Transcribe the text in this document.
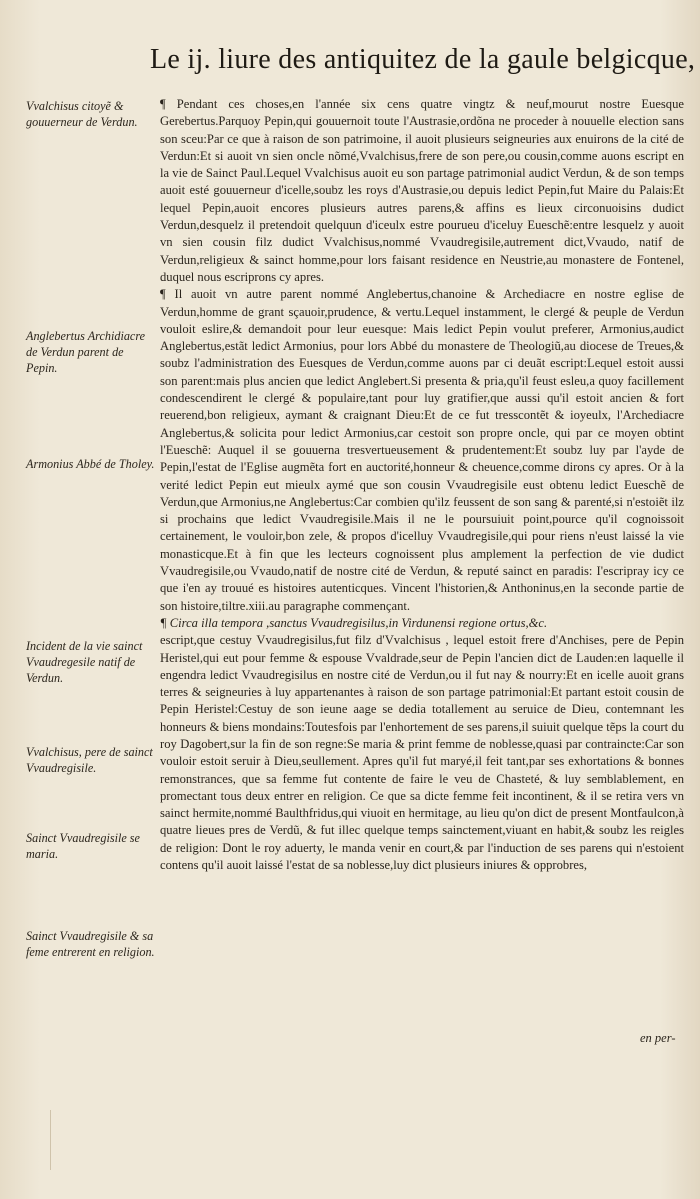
Le ij. liure des antiquitez de la gaule belgicque,
Vvalchisus citoyẽ & gouuerneur de Verdun.
Anglebertus Archidiacre de Verdun parent de Pepin.
Armonius Abbé de Tholey.
Incident de la vie sainct Vvaudregesile natif de Verdun.
Vvalchisus, pere de sainct Vvaudregisile.
Sainct Vvaudregisile se maria.
Sainct Vvaudregisile & sa feme entrerent en religion.

¶ Pendant ces choses,en l'année six cens quatre vingtz & neuf,mourut nostre Euesque Gerebertus.Parquoy Pepin,qui gouuernoit toute l'Austrasie,ordõna ne proceder à nouuelle election sans son sceu:Par ce que à raison de son patrimoine, il auoit plusieurs seigneuries aux enuirons de la cité de Verdun:Et si auoit vn sien oncle nõmé,Vvalchisus,frere de son pere,ou cousin,comme auons escript en la vie de Sainct Paul.Lequel Vvalchisus auoit eu son partage patrimonial audict Verdun, & de son temps auoit esté gouuerneur d'icelle,soubz les roys d'Austrasie,ou depuis ledict Pepin,fut Maire du Palais:Et lequel Pepin,auoit encores plusieurs autres parens,& affins es lieux circonuoisins dudict Verdun,desquelz il pretendoit quelquun d'iceulx estre pourueu d'iceluy Eueschẽ:entre lesquelz y auoit vn sien cousin filz dudict Vvalchisus,nommé Vvaudregisile,autrement dict,Vvaudo, natif de Verdun,religieux & sainct homme,pour lors faisant residence en Neustrie,au monastere de Fontenel, duquel nous escriprons cy apres.

¶ Il auoit vn autre parent nommé Anglebertus,chanoine & Archediacre en nostre eglise de Verdun,homme de grant sçauoir,prudence, & vertu.Lequel instamment, le clergé & peuple de Verdun vouloit eslire,& demandoit pour leur euesque: Mais ledict Pepin voulut preferer, Armonius,audict Anglebertus,estãt ledict Armonius, pour lors Abbé du monastere de Theologiũ,au diocese de Treues,& soubz l'administration des Euesques de Verdun,comme auons par ci deuãt escript:Lequel estoit aussi son parent:mais plus ancien que ledict Anglebert.Si presenta & pria,qu'il feust esleu,a quoy facillement condescendirent le clergé & populaire,tant pour luy gratifier,que aussi qu'il estoit ancien & fort reuerend,bon religieux, aymant & craignant Dieu:Et de ce fut tresscontẽt & ioyeulx, l'Archediacre Anglebertus,& solicita pour ledict Armonius,car cestoit son propre oncle, qui par ce moyen obtint l'Eueschẽ: Auquel il se gouuerna tresvertueusement & prudentement:Et soubz luy par l'ayde de Pepin,l'estat de l'Eglise augmẽta fort en auctorité,honneur & cheuence,comme dirons cy apres. Or à la verité ledict Pepin eut mieulx aymé que son cousin Vvaudregisile eust obtenu ledict Eueschẽ de Verdun,que Armonius,ne Anglebertus:Car combien qu'ilz feussent de son sang & parenté,si n'estoiẽt ilz si prochains que ledict Vvaudregisile.Mais il ne le poursuiuit point,pource qu'il cognoissoit certainement, le vouloir,bon zele, & propos d'icelluy Vvaudregisile,qui pour riens n'eust laissé la vie monasticque.Et à fin que les lecteurs cognoissent plus amplement la perfection de vie dudict Vvaudregisile,ou Vvaudo,natif de nostre cité de Verdun, & reputé sainct en paradis: I'escripray icy ce que i'en ay trouué es histoires autenticques. Vincent l'historien,& Anthoninus,en la seconde partie de son histoire,tiltre.xiii.au paragraphe commençant.

¶ Circa illa tempora ,sanctus Vvaudregisilus,in Virdunensi regione ortus,&c.

escript,que cestuy Vvaudregisilus,fut filz d'Vvalchisus , lequel estoit frere d'Anchises, pere de Pepin Heristel,qui eut pour femme & espouse Vvaldrade,seur de Pepin l'ancien dict de Lauden:en laquelle il engendra ledict Vvaudregisilus en nostre cité de Verdun,ou il fut nay & nourry:Et en icelle auoit grans terres & seigneuries à luy appartenantes à raison de son partage patrimonial:Et partant estoit cousin de Pepin Heristel:Cestuy de son ieune aage se dedia totallement au seruice de Dieu, contemnant les honneurs & biens mondains:Toutesfois par l'enhortement de ses parens,il suiuit quelque tẽps la court du roy Dagobert,sur la fin de son regne:Se maria & print femme de noblesse,quasi par contraincte:Car son vouloir estoit seruir à Dieu,seullement. Apres qu'il fut maryé,il feit tant,par ses exhortations & bonnes remonstrances, que sa femme fut contente de faire le veu de Chasteté, & luy semblablement, en promectant tous deux entrer en religion. Ce que sa dicte femme feit incontinent, & il se retira vers vn sainct hermite,nommé Baulthfridus,qui viuoit en hermitage, au lieu qu'on dict de present Montfaulcon,à quatre lieues pres de Verdũ, & fut illec quelque temps sainctement,viuant en habit,& soubz les reigles de religion: Dont le roy aduerty, le manda venir en court,& par l'induction de ses parens qui n'estoient contens qu'il auoit laissé l'estat de sa noblesse,luy dict plusieurs iniures & opprobres,

en per-
